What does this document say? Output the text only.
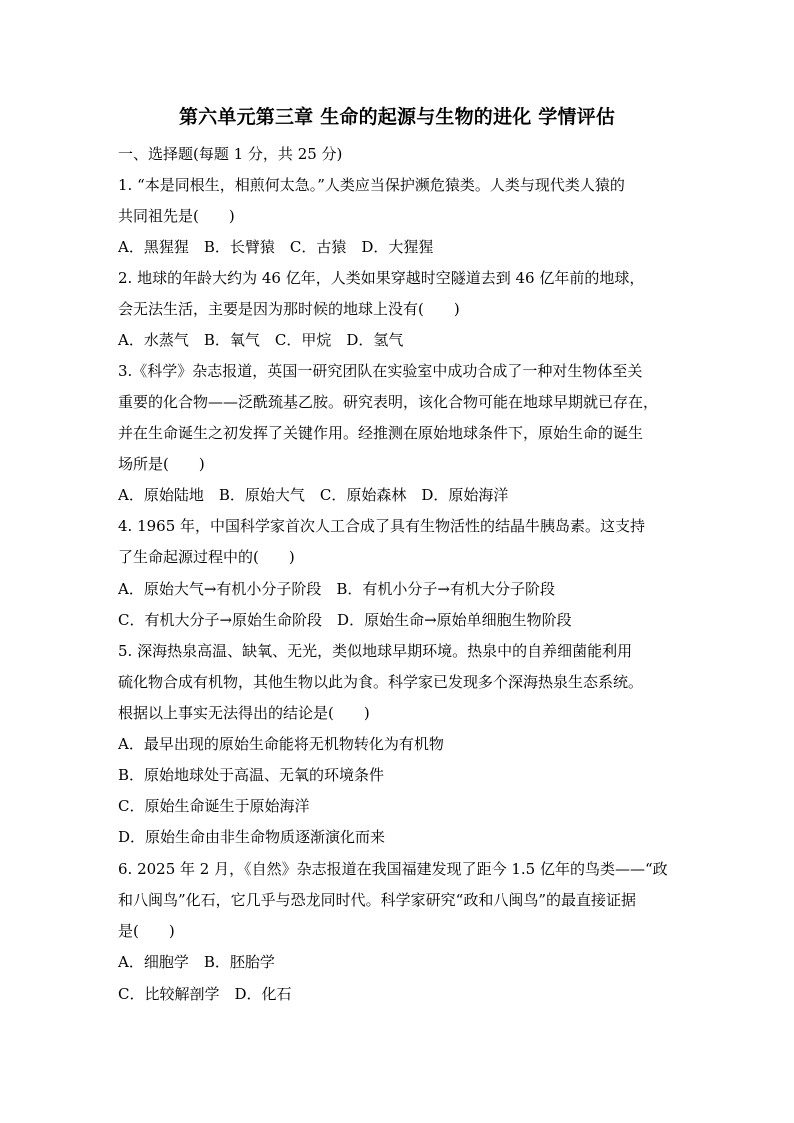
第六单元第三章 生命的起源与生物的进化 学情评估
一、选择题(每题 1 分，共 25 分)
1. “本是同根生，相煎何太急。”人类应当保护濒危猿类。人类与现代类人猿的
共同祖先是(　　)
A．黑猩猩　B．长臂猿　C．古猿　D．大猩猩
2. 地球的年龄大约为 46 亿年，人类如果穿越时空隧道去到 46 亿年前的地球，
会无法生活，主要是因为那时候的地球上没有(　　)
A．水蒸气　B．氧气　C．甲烷　D．氢气
3.《科学》杂志报道，英国一研究团队在实验室中成功合成了一种对生物体至关
重要的化合物——泛酰巯基乙胺。研究表明，该化合物可能在地球早期就已存在，
并在生命诞生之初发挥了关键作用。经推测在原始地球条件下，原始生命的诞生
场所是(　　)
A．原始陆地　B．原始大气　C．原始森林　D．原始海洋
4. 1965 年，中国科学家首次人工合成了具有生物活性的结晶牛胰岛素。这支持
了生命起源过程中的(　　)
A．原始大气→有机小分子阶段　B．有机小分子→有机大分子阶段
C．有机大分子→原始生命阶段　D．原始生命→原始单细胞生物阶段
5. 深海热泉高温、缺氧、无光，类似地球早期环境。热泉中的自养细菌能利用
硫化物合成有机物，其他生物以此为食。科学家已发现多个深海热泉生态系统。
根据以上事实无法得出的结论是(　　)
A．最早出现的原始生命能将无机物转化为有机物
B．原始地球处于高温、无氧的环境条件
C．原始生命诞生于原始海洋
D．原始生命由非生命物质逐渐演化而来
6. 2025 年 2 月，《自然》杂志报道在我国福建发现了距今 1.5 亿年的鸟类——“政
和八闽鸟”化石，它几乎与恐龙同时代。科学家研究“政和八闽鸟”的最直接证据
是(　　)
A．细胞学　B．胚胎学
C．比较解剖学　D．化石
